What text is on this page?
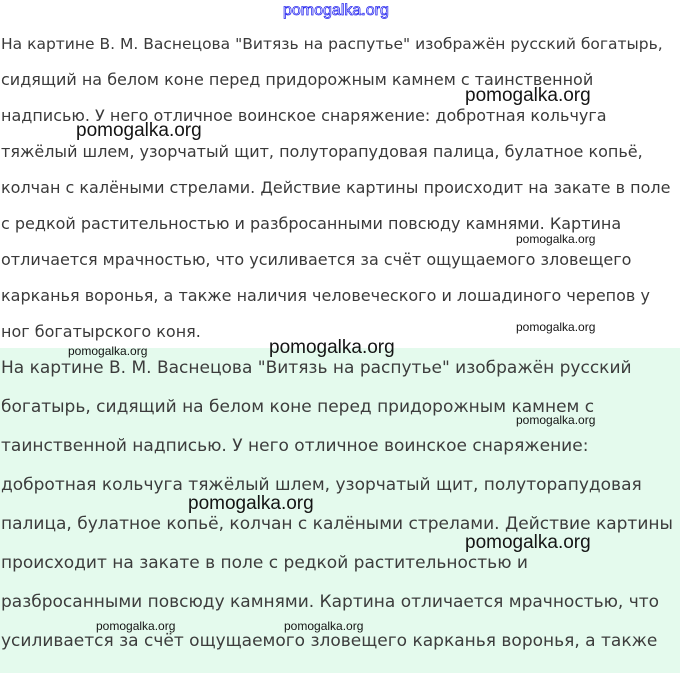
pomogalka.org
На картине В. М. Васнецова "Витязь на распутье" изображён русский богатырь,
сидящий на белом коне перед придорожным камнем с таинственной
надписью. У него отличное воинское снаряжение: добротная кольчуга
тяжёлый шлем, узорчатый щит, полуторапудовая палица, булатное копьё,
колчан с калёными стрелами. Действие картины происходит на закате в поле
с редкой растительностью и разбросанными повсюду камнями. Картина
отличается мрачностью, что усиливается за счёт ощущаемого зловещего
карканья воронья, а также наличия человеческого и лошадиного черепов у
ног богатырского коня.
На картине В. М. Васнецова "Витязь на распутье" изображён русский
богатырь, сидящий на белом коне перед придорожным камнем с
таинственной надписью. У него отличное воинское снаряжение:
добротная кольчуга тяжёлый шлем, узорчатый щит, полуторапудовая
палица, булатное копьё, колчан с калёными стрелами. Действие картины
происходит на закате в поле с редкой растительностью и
разбросанными повсюду камнями. Картина отличается мрачностью, что
усиливается за счёт ощущаемого зловещего карканья воронья, а также
pomogalka.org
pomogalka.org
pomogalka.org
pomogalka.org
pomogalka.org	pomogalka.org
pomogalka.org
pomogalka.org
pomogalka.org
pomogalka.org	pomogalka.org
